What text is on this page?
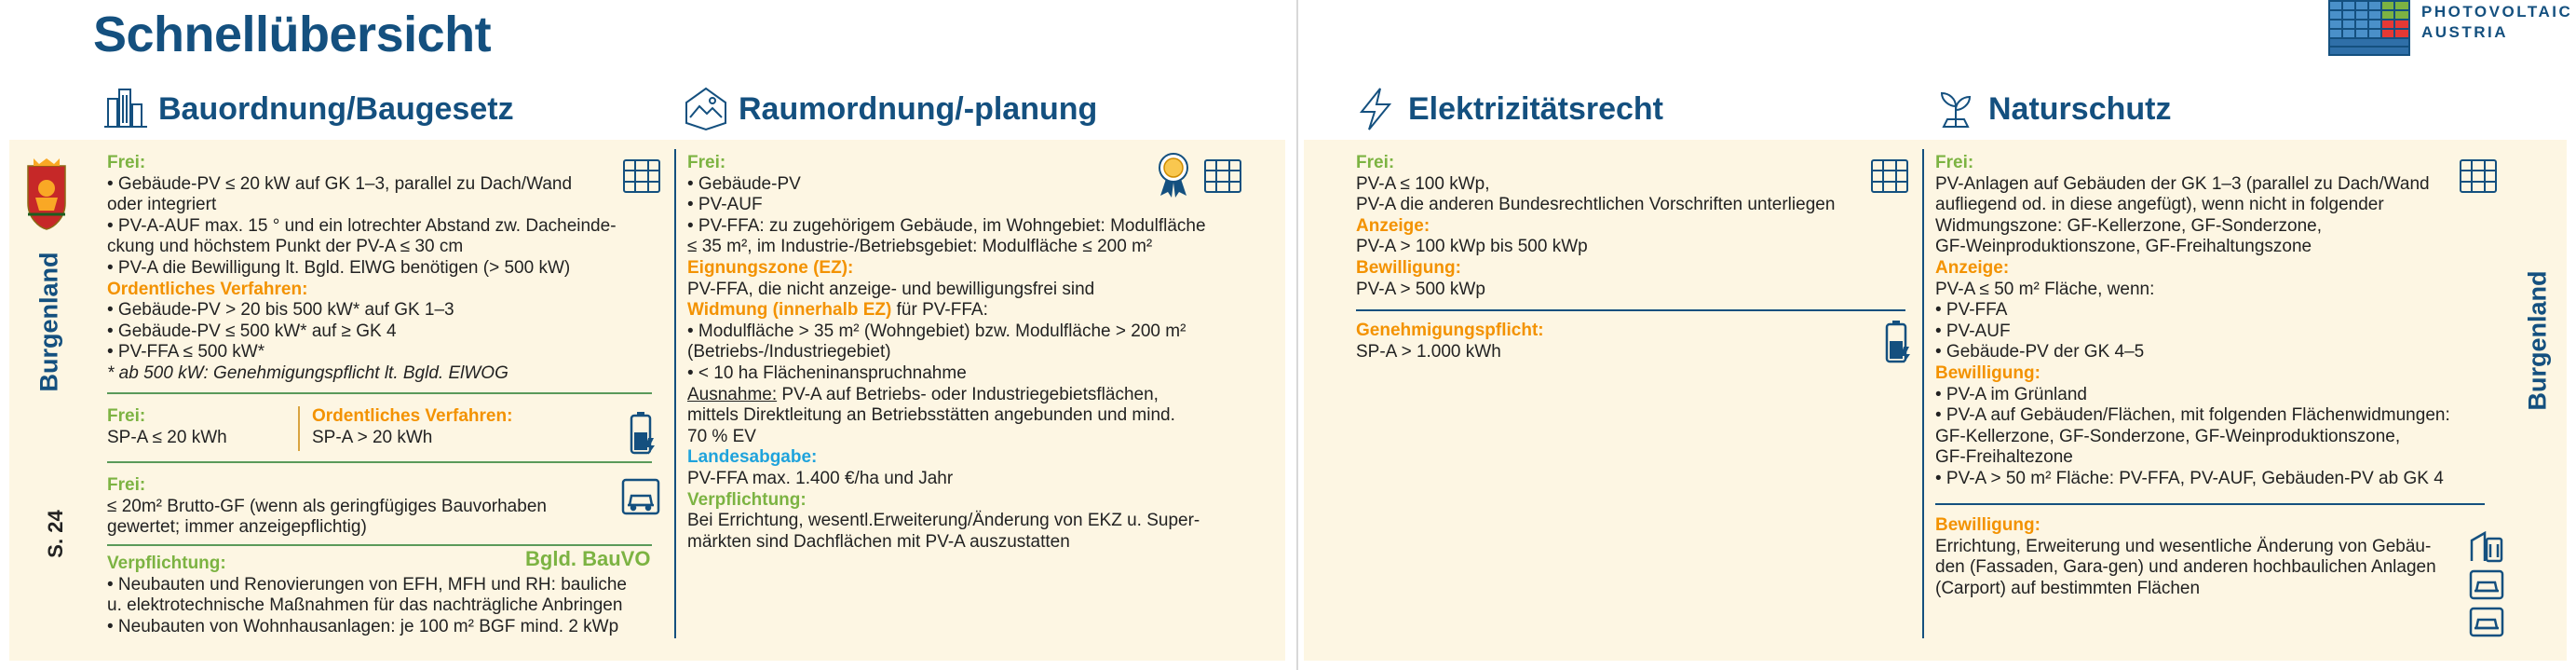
Schnellübersicht	PHOTOVOLTAIC
AUSTRIA
Bauordnung/Baugesetz	Raumordnung/-planung	Elektrizitätsrecht	Naturschutz
Burgenland
S. 24

Frei:

• Gebäude-PV ≤ 20 kW auf GK 1–3, parallel zu Dach/Wand

oder integriert

• PV-A-AUF max. 15 ° und ein lotrechter Abstand zw. Dacheinde-

ckung und höchstem Punkt der PV-A ≤ 30 cm

• PV-A die Bewilligung lt. Bgld. ElWG benötigen (> 500 kW)

Ordentliches Verfahren:

• Gebäude-PV > 20 bis 500 kW* auf GK 1–3

• Gebäude-PV ≤ 500 kW* auf ≥ GK 4

• PV-FFA ≤ 500 kW*

* ab 500 kW: Genehmigungspflicht lt. Bgld. ElWOG

Frei:

SP-A ≤ 20 kWh

Ordentliches Verfahren:

SP-A > 20 kWh

Frei:

≤ 20m² Brutto-GF (wenn als geringfügiges Bauvorhaben

gewertet; immer anzeigepflichtig)

Verpflichtung:

• Neubauten und Renovierungen von EFH, MFH und RH: bauliche

u. elektrotechnische Maßnahmen für das nachträgliche Anbringen

• Neubauten von Wohnhausanlagen: je 100 m² BGF mind. 2 kWp

Bgld. BauVO

Frei:

• Gebäude-PV

• PV-AUF

• PV-FFA: zu zugehörigem Gebäude, im Wohngebiet: Modulfläche

≤ 35 m², im Industrie-/Betriebsgebiet: Modulfläche ≤ 200 m²

Eignungszone (EZ):

PV-FFA, die nicht anzeige- und bewilligungsfrei sind

Widmung (innerhalb EZ) für PV-FFA:

• Modulfläche > 35 m² (Wohngebiet) bzw. Modulfläche > 200 m²

(Betriebs-/Industriegebiet)

• < 10 ha Flächeninanspruchnahme

Ausnahme: PV-A auf Betriebs- oder Industriegebietsflächen,

mittels Direktleitung an Betriebsstätten angebunden und mind.

70 % EV

Landesabgabe:

PV-FFA max. 1.400 €/ha und Jahr

Verpflichtung:

Bei Errichtung, wesentl.Erweiterung/Änderung von EKZ u. Super-

märkten sind Dachflächen mit PV-A auszustatten

Frei:

PV-A ≤ 100 kWp,

PV-A die anderen Bundesrechtlichen Vorschriften unterliegen

Anzeige:

PV-A > 100 kWp bis 500 kWp

Bewilligung:

PV-A > 500 kWp

Genehmigungspflicht:

SP-A > 1.000 kWh

Frei:

PV-Anlagen auf Gebäuden der GK 1–3 (parallel zu Dach/Wand

aufliegend od. in diese angefügt), wenn nicht in folgender

Widmungszone: GF-Kellerzone, GF-Sonderzone,

GF-Weinproduktionszone, GF-Freihaltungszone

Anzeige:

PV-A ≤ 50 m² Fläche, wenn:

• PV-FFA

• PV-AUF

• Gebäude-PV der GK 4–5

Bewilligung:

• PV-A im Grünland

• PV-A auf Gebäuden/Flächen, mit folgenden Flächenwidmungen:

GF-Kellerzone, GF-Sonderzone, GF-Weinproduktionszone,

GF-Freihaltezone

• PV-A > 50 m² Fläche: PV-FFA, PV-AUF, Gebäuden-PV ab GK 4

Bewilligung:

Errichtung, Erweiterung und wesentliche Änderung von Gebäu-

den (Fassaden, Gara-gen) und anderen hochbaulichen Anlagen

(Carport) auf bestimmten Flächen

Burgenland
